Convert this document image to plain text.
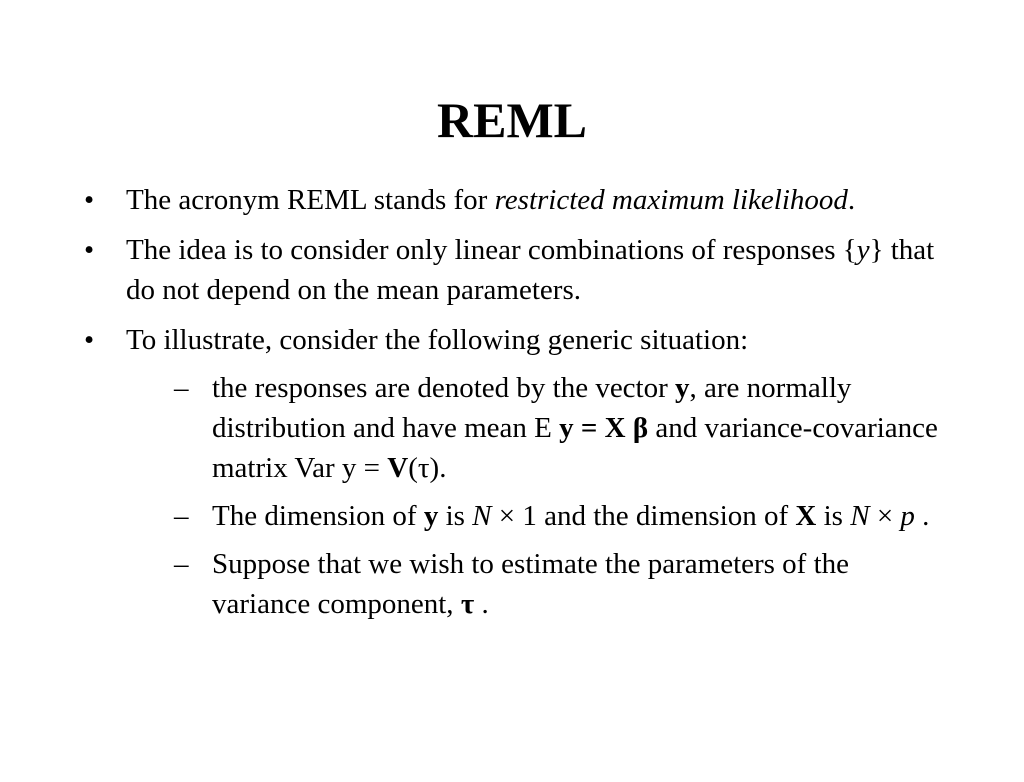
REML
•	The acronym REML stands for restricted maximum likelihood.
•	The idea is to consider only linear combinations of responses {y} that do not depend on the mean parameters.
•	To illustrate, consider the following generic situation:
– the responses are denoted by the vector y, are normally distribution and have mean E y = X β and variance-covariance matrix Var y = V(τ).
– The dimension of y is N × 1 and the dimension of X is N × p .
– Suppose that we wish to estimate the parameters of the variance component, τ .
